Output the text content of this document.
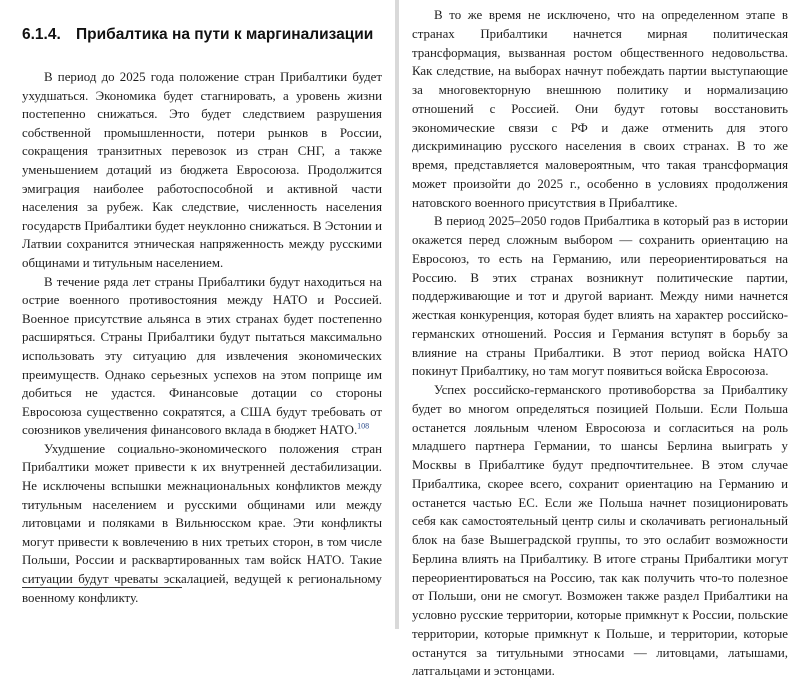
6.1.4. Прибалтика на пути к маргинализации

В период до 2025 года положение стран Прибалтики будет ухудшаться. Экономика будет стагнировать, а уровень жизни постепенно снижаться. Это будет следствием разрушения собственной промышленности, потери рынков в России, сокращения транзитных перевозок из стран СНГ, а также уменьшением дотаций из бюджета Евросоюза. Продолжится эмиграция наиболее работоспособной и активной части населения за рубеж. Как следствие, численность населения государств Прибалтики будет неуклонно снижаться. В Эстонии и Латвии сохранится этническая напряженность между русскими общинами и титульным населением.

В течение ряда лет страны Прибалтики будут находиться на острие военного противостояния между НАТО и Россией. Военное присутствие альянса в этих странах будет постепенно расширяться. Страны Прибалтики будут пытаться максимально использовать эту ситуацию для извлечения экономических преимуществ. Однако серьезных успехов на этом поприще им добиться не удастся. Финансовые дотации со стороны Евросоюза существенно сократятся, а США будут требовать от союзников увеличения финансового вклада в бюджет НАТО.$^{108}$

Ухудшение социально-экономического положения стран Прибалтики может привести к их внутренней дестабилизации. Не исключены вспышки межнациональных конфликтов между титульным населением и русскими общинами или между литовцами и поляками в Вильнюсском крае. Эти конфликты могут привести к вовлечению в них третьих сторон, в том числе Польши, России и расквартированных там войск НАТО. Такие ситуации будут чреваты эскалацией, ведущей к региональному военному конфликту.

В то же время не исключено, что на определенном этапе в странах Прибалтики начнется мирная политическая трансформация, вызванная ростом общественного недовольства. Как следствие, на выборах начнут побеждать партии выступающие за многовекторную внешнюю политику и нормализацию отношений с Россией. Они будут готовы восстановить экономические связи с РФ и даже отменить для этого дискриминацию русского населения в своих странах. В то же время, представляется маловероятным, что такая трансформация может произойти до 2025 г., особенно в условиях продолжения натовского военного присутствия в Прибалтике.

В период 2025–2050 годов Прибалтика в который раз в истории окажется перед сложным выбором — сохранить ориентацию на Евросоюз, то есть на Германию, или переориентироваться на Россию. В этих странах возникнут политические партии, поддерживающие и тот и другой вариант. Между ними начнется жесткая конкуренция, которая будет влиять на характер российско-германских отношений. Россия и Германия вступят в борьбу за влияние на страны Прибалтики. В этот период войска НАТО покинут Прибалтику, но там могут появиться войска Евросоюза.

Успех российско-германского противоборства за Прибалтику будет во многом определяться позицией Польши. Если Польша останется лояльным членом Евросоюза и согласиться на роль младшего партнера Германии, то шансы Берлина выиграть у Москвы в Прибалтике будут предпочтительнее. В этом случае Прибалтика, скорее всего, сохранит ориентацию на Германию и останется частью ЕС. Если же Польша начнет позиционировать себя как самостоятельный центр силы и сколачивать региональный блок на базе Вышеградской группы, то это ослабит возможности Берлина влиять на Прибалтику. В итоге страны Прибалтики могут переориентироваться на Россию, так как получить что-то полезное от Польши, они не смогут. Возможен также раздел Прибалтики на условно русские территории, которые примкнут к России, польские территории, которые примкнут к Польше, и территории, которые останутся за титульными этносами — литовцами, латышами, латгальцами и эстонцами.
